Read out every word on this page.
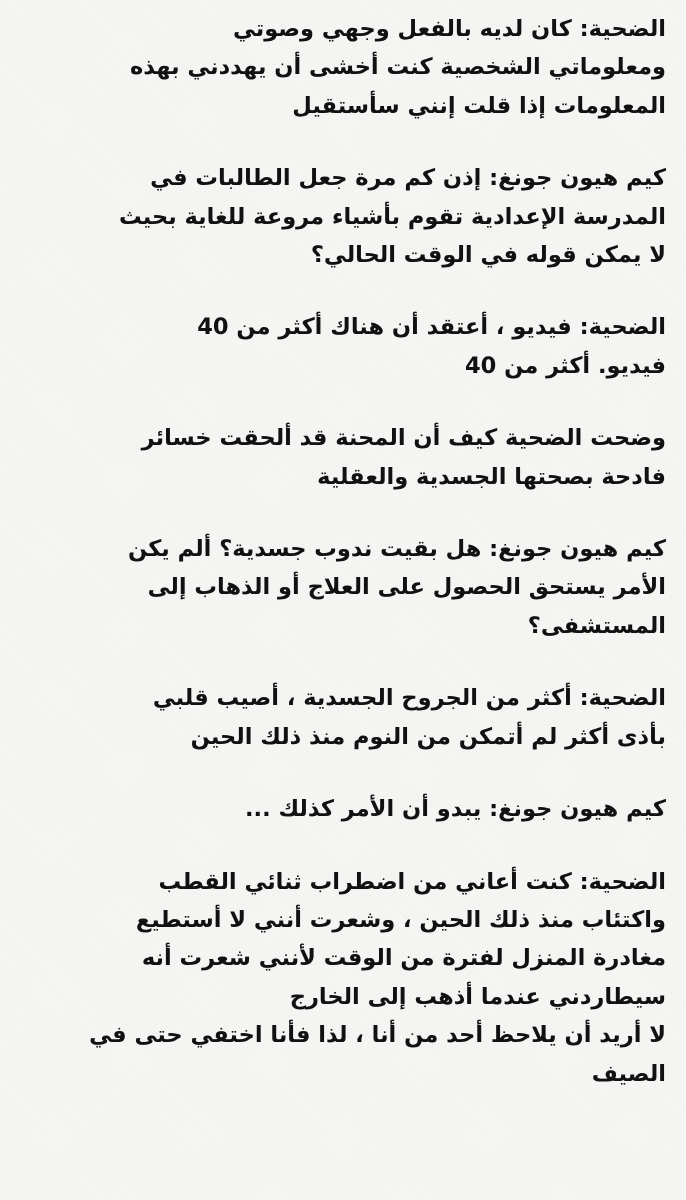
الضحية: كان لديه بالفعل وجهي وصوتي
ومعلوماتي الشخصية كنت أخشى أن يهددني بهذه
المعلومات إذا قلت إنني سأستقيل
كيم هيون جونغ: إذن كم مرة جعل الطالبات في
المدرسة الإعدادية تقوم بأشياء مروعة للغاية بحيث
لا يمكن قوله في الوقت الحالي؟
الضحية: فيديو ، أعتقد أن هناك أكثر من 40
فيديو. أكثر من 40
وضحت الضحية كيف أن المحنة قد ألحقت خسائر
فادحة بصحتها الجسدية والعقلية
كيم هيون جونغ: هل بقيت ندوب جسدية؟ ألم يكن
الأمر يستحق الحصول على العلاج أو الذهاب إلى
المستشفى؟
الضحية: أكثر من الجروح الجسدية ، أصيب قلبي
بأذى أكثر لم أتمكن من النوم منذ ذلك الحين
كيم هيون جونغ: يبدو أن الأمر كذلك ...
الضحية: كنت أعاني من اضطراب ثنائي القطب
واكتئاب منذ ذلك الحين ، وشعرت أنني لا أستطيع
مغادرة المنزل لفترة من الوقت لأنني شعرت أنه
سيطاردني عندما أذهب إلى الخارج
لا أريد أن يلاحظ أحد من أنا ، لذا فأنا اختفي حتى في
الصيف
